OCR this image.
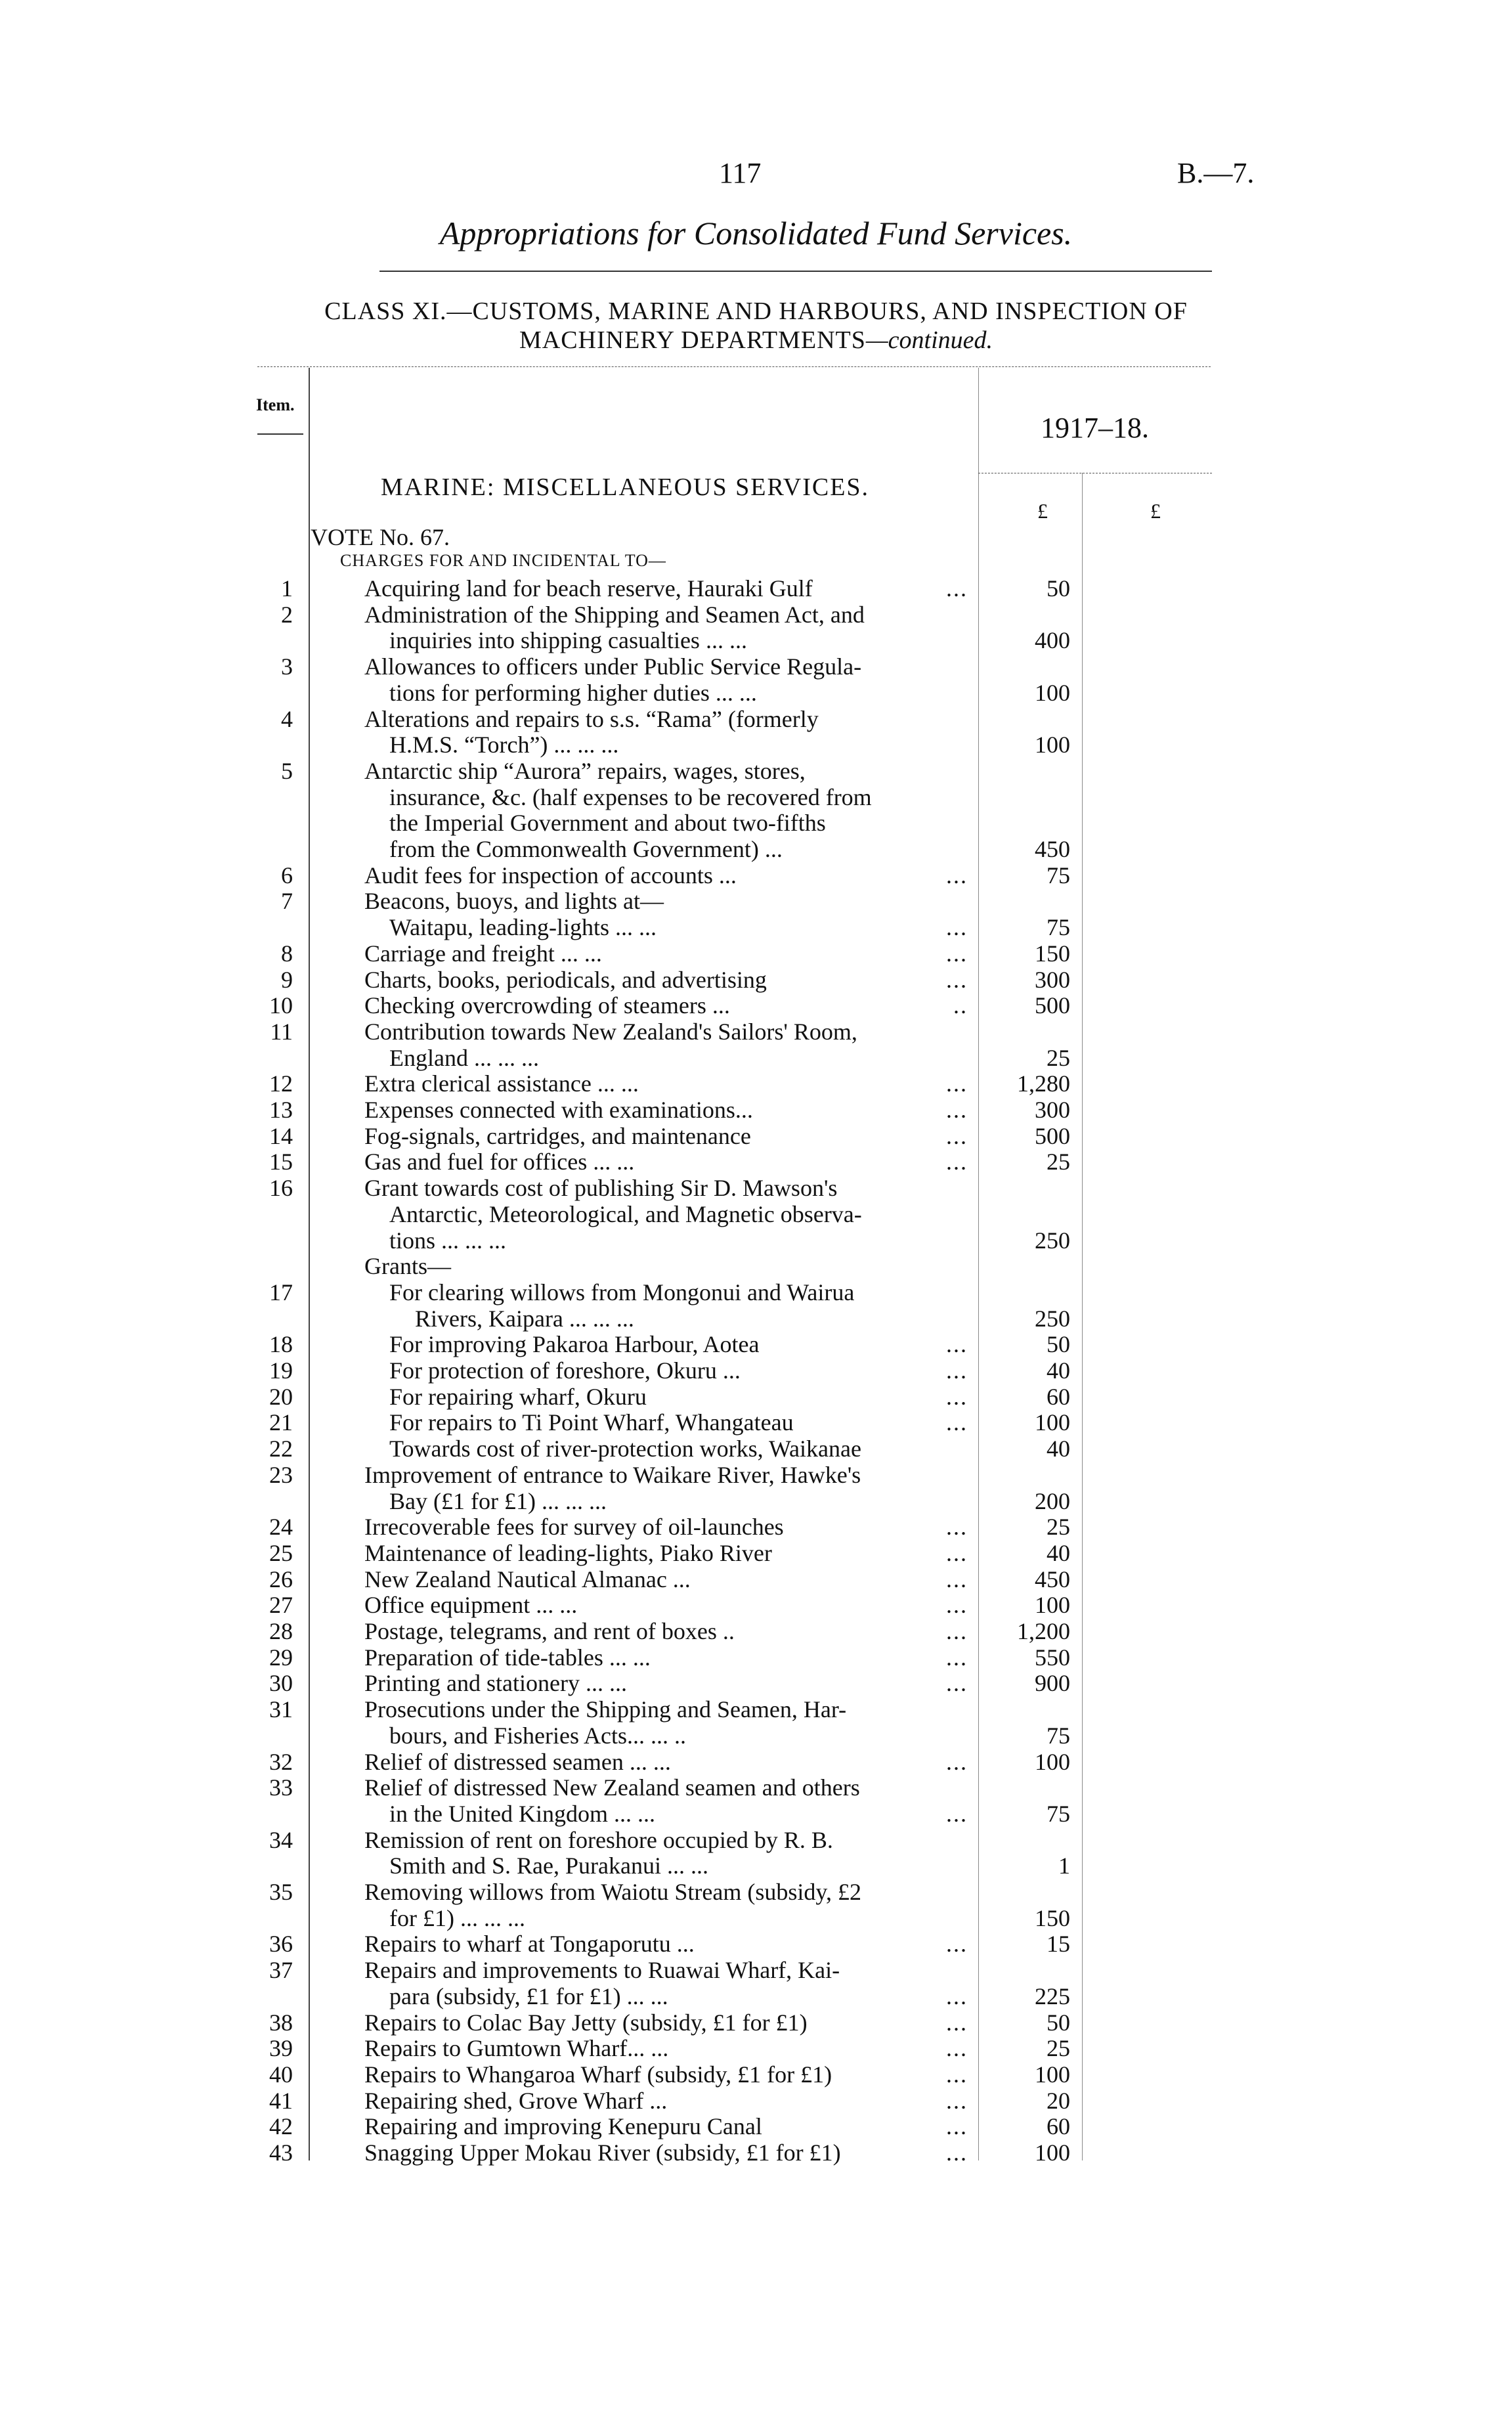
117	B.—7.
Appropriations for Consolidated Fund Services.
CLASS XI.—CUSTOMS, MARINE AND HARBOURS, AND INSPECTION OF
MACHINERY DEPARTMENTS—continued.
Item.
1917–18.
MARINE: MISCELLANEOUS SERVICES.
£	£
VOTE No. 67.
CHARGES FOR AND INCIDENTAL TO—
1	Acquiring land for beach reserve, Hauraki Gulf	...	50
2	Administration of the Shipping and Seamen Act, and
inquiries into shipping casualties ... ...	400
3	Allowances to officers under Public Service Regula-
tions for performing higher duties ... ...	100
4	Alterations and repairs to s.s. “Rama” (formerly
H.M.S. “Torch”) ... ... ...	100
5	Antarctic ship “Aurora” repairs, wages, stores,
insurance, &c. (half expenses to be recovered from
the Imperial Government and about two-fifths
from the Commonwealth Government) ...	450
6	Audit fees for inspection of accounts ...	...	75
7	Beacons, buoys, and lights at—
Waitapu, leading-lights ... ...	...	75
8	Carriage and freight ... ...	...	150
9	Charts, books, periodicals, and advertising	...	300
10	Checking overcrowding of steamers ...	..	500
11	Contribution towards New Zealand's Sailors' Room,
England ... ... ...	25
12	Extra clerical assistance ... ...	...	1,280
13	Expenses connected with examinations...	...	300
14	Fog-signals, cartridges, and maintenance	...	500
15	Gas and fuel for offices ... ...	...	25
16	Grant towards cost of publishing Sir D. Mawson's
Antarctic, Meteorological, and Magnetic observa-
tions ... ... ...	250
Grants—
17	For clearing willows from Mongonui and Wairua
Rivers, Kaipara ... ... ...	250
18	For improving Pakaroa Harbour, Aotea	...	50
19	For protection of foreshore, Okuru ...	...	40
20	For repairing wharf, Okuru	...	60
21	For repairs to Ti Point Wharf, Whangateau	...	100
22	Towards cost of river-protection works, Waikanae	40
23	Improvement of entrance to Waikare River, Hawke's
Bay (£1 for £1) ... ... ...	200
24	Irrecoverable fees for survey of oil-launches	...	25
25	Maintenance of leading-lights, Piako River	...	40
26	New Zealand Nautical Almanac ...	...	450
27	Office equipment ... ...	...	100
28	Postage, telegrams, and rent of boxes ..	...	1,200
29	Preparation of tide-tables ... ...	...	550
30	Printing and stationery ... ...	...	900
31	Prosecutions under the Shipping and Seamen, Har-
bours, and Fisheries Acts... ... ..	75
32	Relief of distressed seamen ... ...	...	100
33	Relief of distressed New Zealand seamen and others
in the United Kingdom ... ...	...	75
34	Remission of rent on foreshore occupied by R. B.
Smith and S. Rae, Purakanui ... ...	1
35	Removing willows from Waiotu Stream (subsidy, £2
for £1) ... ... ...	150
36	Repairs to wharf at Tongaporutu ...	...	15
37	Repairs and improvements to Ruawai Wharf, Kai-
para (subsidy, £1 for £1) ... ...	...	225
38	Repairs to Colac Bay Jetty (subsidy, £1 for £1)	...	50
39	Repairs to Gumtown Wharf... ...	...	25
40	Repairs to Whangaroa Wharf (subsidy, £1 for £1)	...	100
41	Repairing shed, Grove Wharf ...	...	20
42	Repairing and improving Kenepuru Canal	...	60
43	Snagging Upper Mokau River (subsidy, £1 for £1)	...	100
